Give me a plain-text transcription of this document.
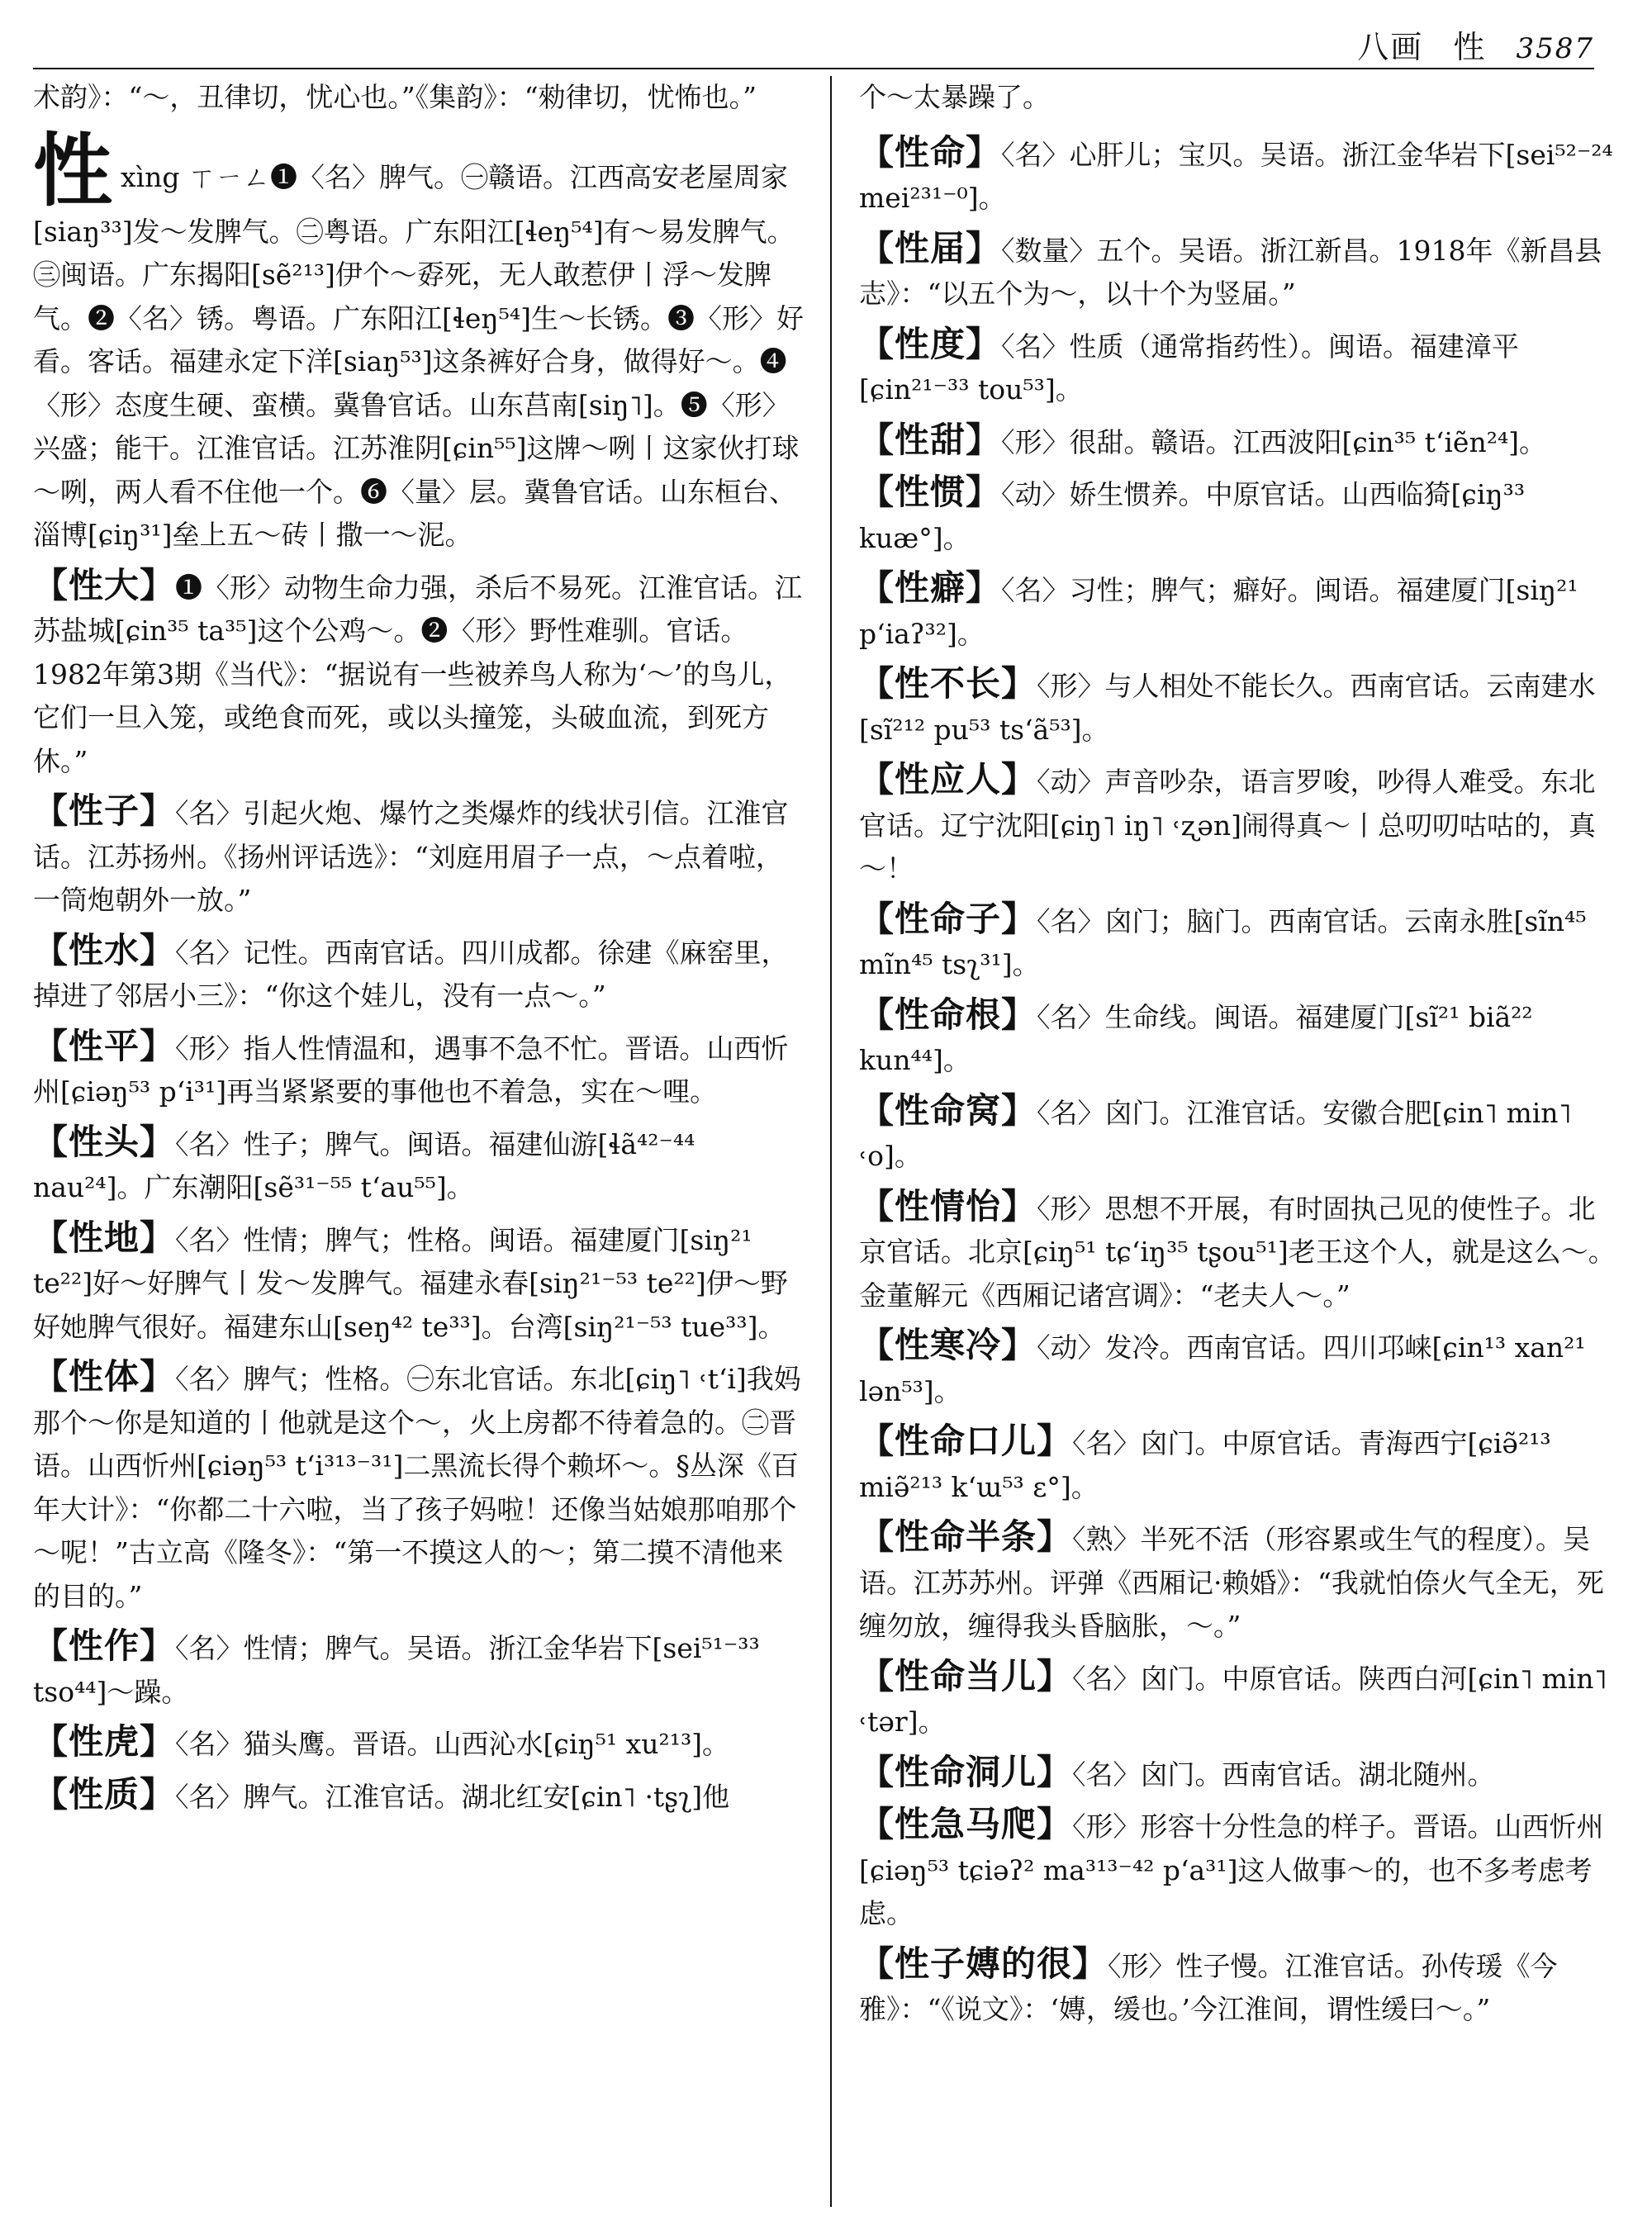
八画 性 3587

术韵》：“～，丑律切，忧心也。”《集韵》：“勑律切，忧怖也。”

性xìng ㄒㄧㄥ❶〈名〉脾气。㊀赣语。江西高安老屋周家[siaŋ³³]发～发脾气。㊁粤语。广东阳江[ɬeŋ⁵⁴]有～易发脾气。㊂闽语。广东揭阳[sẽ²¹³]伊个～孬死，无人敢惹伊丨浮～发脾气。❷〈名〉锈。粤语。广东阳江[ɬeŋ⁵⁴]生～长锈。❸〈形〉好看。客话。福建永定下洋[siaŋ⁵³]这条裤好合身，做得好～。❹〈形〉态度生硬、蛮横。冀鲁官话。山东莒南[siŋ˥]。❺〈形〉兴盛；能干。江淮官话。江苏淮阴[ɕin⁵⁵]这牌～咧丨这家伙打球～咧，两人看不住他一个。❻〈量〉层。冀鲁官话。山东桓台、淄博[ɕiŋ³¹]垒上五～砖丨撒一～泥。

【性大】❶〈形〉动物生命力强，杀后不易死。江淮官话。江苏盐城[ɕin³⁵ ta³⁵]这个公鸡～。❷〈形〉野性难驯。官话。1982年第3期《当代》：“据说有一些被养鸟人称为‘～’的鸟儿，它们一旦入笼，或绝食而死，或以头撞笼，头破血流，到死方休。”

【性子】〈名〉引起火炮、爆竹之类爆炸的线状引信。江淮官话。江苏扬州。《扬州评话选》：“刘庭用眉子一点，～点着啦，一筒炮朝外一放。”

【性水】〈名〉记性。西南官话。四川成都。徐建《麻窑里，掉进了邻居小三》：“你这个娃儿，没有一点～。”

【性平】〈形〉指人性情温和，遇事不急不忙。晋语。山西忻州[ɕiəŋ⁵³ pʻi³¹]再当紧紧要的事他也不着急，实在～哩。

【性头】〈名〉性子；脾气。闽语。福建仙游[ɬã⁴²⁻⁴⁴ nau²⁴]。广东潮阳[sẽ³¹⁻⁵⁵ tʻau⁵⁵]。

【性地】〈名〉性情；脾气；性格。闽语。福建厦门[siŋ²¹ te²²]好～好脾气丨发～发脾气。福建永春[siŋ²¹⁻⁵³ te²²]伊～野好她脾气很好。福建东山[seŋ⁴² te³³]。台湾[siŋ²¹⁻⁵³ tue³³]。

【性体】〈名〉脾气；性格。㊀东北官话。东北[ɕiŋ˥ ˓tʻi]我妈那个～你是知道的丨他就是这个～，火上房都不待着急的。㊁晋语。山西忻州[ɕiəŋ⁵³ tʻi³¹³⁻³¹]二黑流长得个赖坏～。§丛深《百年大计》：“你都二十六啦，当了孩子妈啦！还像当姑娘那咱那个～呢！”古立高《隆冬》：“第一不摸这人的～；第二摸不清他来的目的。”

【性作】〈名〉性情；脾气。吴语。浙江金华岩下[sei⁵¹⁻³³ tso⁴⁴]～躁。

【性虎】〈名〉猫头鹰。晋语。山西沁水[ɕiŋ⁵¹ xu²¹³]。

【性质】〈名〉脾气。江淮官话。湖北红安[ɕin˥ ·tʂʅ]他

个～太暴躁了。

【性命】〈名〉心肝儿；宝贝。吴语。浙江金华岩下[sei⁵²⁻²⁴ mei²³¹⁻⁰]。

【性届】〈数量〉五个。吴语。浙江新昌。1918年《新昌县志》：“以五个为～，以十个为竖届。”

【性度】〈名〉性质（通常指药性）。闽语。福建漳平[ɕin²¹⁻³³ tou⁵³]。

【性甜】〈形〉很甜。赣语。江西波阳[ɕin³⁵ tʻiẽn²⁴]。

【性惯】〈动〉娇生惯养。中原官话。山西临猗[ɕiŋ³³ kuæ°]。

【性癖】〈名〉习性；脾气；癖好。闽语。福建厦门[siŋ²¹ pʻiaʔ³²]。

【性不长】〈形〉与人相处不能长久。西南官话。云南建水[sĩ²¹² pu⁵³ tsʻã⁵³]。

【性应人】〈动〉声音吵杂，语言罗唆，吵得人难受。东北官话。辽宁沈阳[ɕiŋ˥ iŋ˥ ˓ʐən]闹得真～丨总叨叨咕咕的，真～！

【性命子】〈名〉囟门；脑门。西南官话。云南永胜[sĩn⁴⁵ mĩn⁴⁵ tsʅ³¹]。

【性命根】〈名〉生命线。闽语。福建厦门[sĩ²¹ biã²² kun⁴⁴]。

【性命窝】〈名〉囟门。江淮官话。安徽合肥[ɕin˥ min˥ ˓o]。

【性情怡】〈形〉思想不开展，有时固执己见的使性子。北京官话。北京[ɕiŋ⁵¹ tɕʻiŋ³⁵ tʂou⁵¹]老王这个人，就是这么～。金董解元《西厢记诸宫调》：“老夫人～。”

【性寒冷】〈动〉发冷。西南官话。四川邛崃[ɕin¹³ xan²¹ lən⁵³]。

【性命口儿】〈名〉囟门。中原官话。青海西宁[ɕiə̃²¹³ miə̃²¹³ kʻɯ⁵³ ɛ°]。

【性命半条】〈熟〉半死不活（形容累或生气的程度）。吴语。江苏苏州。评弹《西厢记·赖婚》：“我就怕倷火气全无，死缠勿放，缠得我头昏脑胀，～。”

【性命当儿】〈名〉囟门。中原官话。陕西白河[ɕin˥ min˥ ˓tər]。

【性命洞儿】〈名〉囟门。西南官话。湖北随州。

【性急马爬】〈形〉形容十分性急的样子。晋语。山西忻州[ɕiəŋ⁵³ tɕiəʔ² ma³¹³⁻⁴² pʻa³¹]这人做事～的，也不多考虑考虑。

【性子嫥的很】〈形〉性子慢。江淮官话。孙传瑗《今雅》：“《说文》：‘嫥，缓也。’今江淮间，谓性缓曰～。”
